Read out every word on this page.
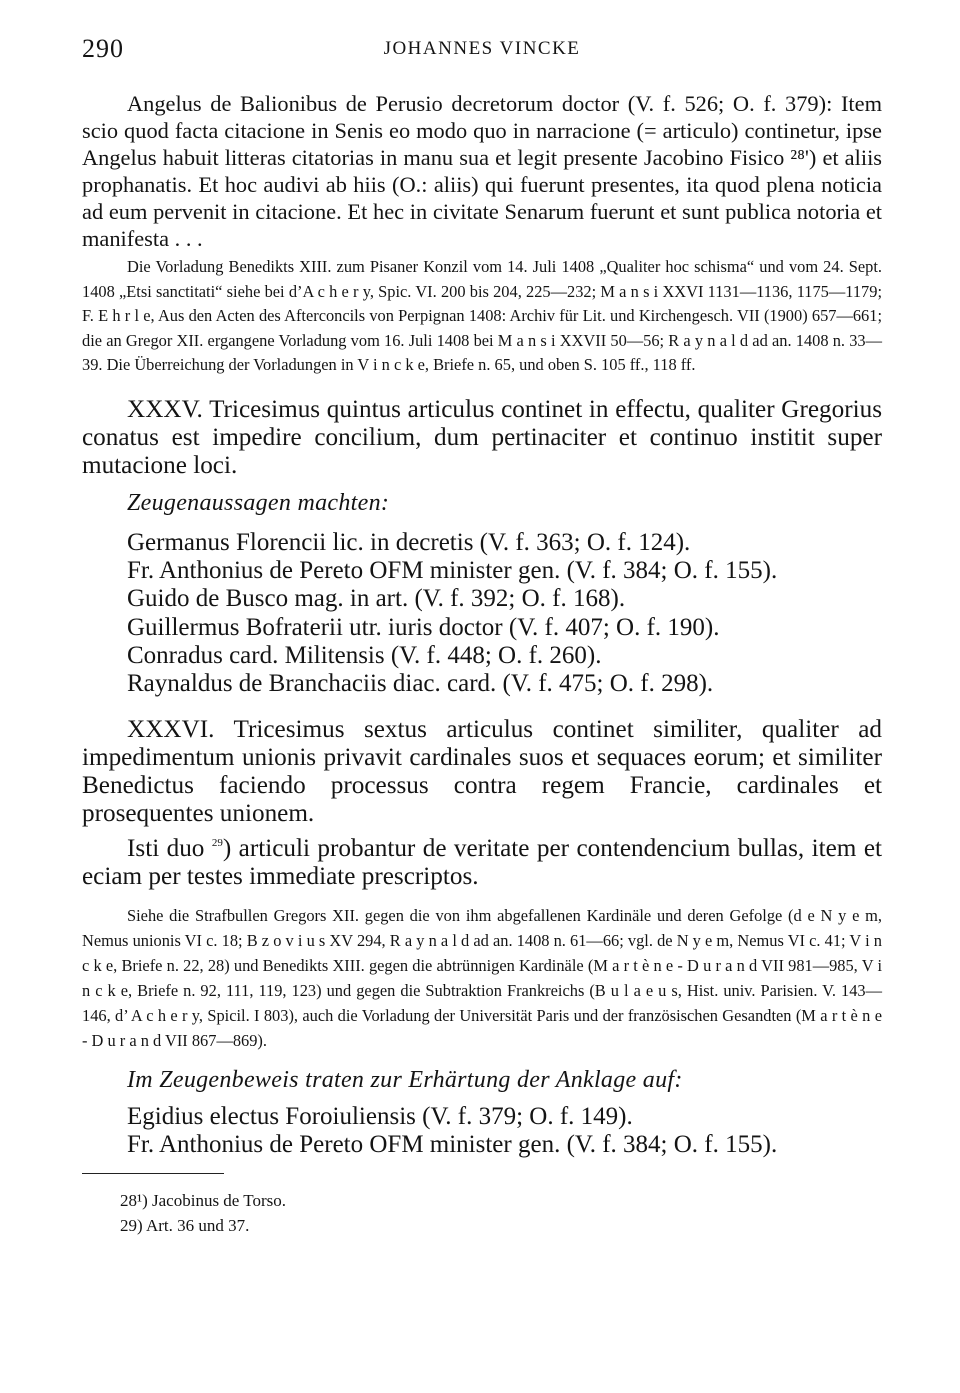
290	JOHANNES VINCKE

Angelus de Balionibus de Perusio decretorum doctor (V. f. 526; O. f. 379): Item scio quod facta citacione in Senis eo modo quo in narracione (= articulo) continetur, ipse Angelus habuit litteras citatorias in manu sua et legit presente Jacobino Fisico ²⁸') et aliis prophanatis. Et hoc audivi ab hiis (O.: aliis) qui fuerunt presentes, ita quod plena noticia ad eum pervenit in citacione. Et hec in civitate Senarum fuerunt et sunt publica notoria et manifesta . . .

Die Vorladung Benedikts XIII. zum Pisaner Konzil vom 14. Juli 1408 „Qualiter hoc schisma“ und vom 24. Sept. 1408 „Etsi sanctitati“ siehe bei d’A c h e r y, Spic. VI. 200 bis 204, 225—232; M a n s i XXVI 1131—1136, 1175—1179; F. E h r l e, Aus den Acten des Afterconcils von Perpignan 1408: Archiv für Lit. und Kirchengesch. VII (1900) 657—661; die an Gregor XII. ergangene Vorladung vom 16. Juli 1408 bei M a n s i XXVII 50—56; R a y n a l d ad an. 1408 n. 33—39. Die Überreichung der Vorladungen in V i n c k e, Briefe n. 65, und oben S. 105 ff., 118 ff.

XXXV. Tricesimus quintus articulus continet in effectu, qualiter Gregorius conatus est impedire concilium, dum pertinaciter et continuo institit super mutacione loci.

Zeugenaussagen machten:
Germanus Florencii lic. in decretis (V. f. 363; O. f. 124).
Fr. Anthonius de Pereto OFM minister gen. (V. f. 384; O. f. 155).
Guido de Busco mag. in art. (V. f. 392; O. f. 168).
Guillermus Bofraterii utr. iuris doctor (V. f. 407; O. f. 190).
Conradus card. Militensis (V. f. 448; O. f. 260).
Raynaldus de Branchaciis diac. card. (V. f. 475; O. f. 298).

XXXVI. Tricesimus sextus articulus continet similiter, qualiter ad impedimentum unionis privavit cardinales suos et sequaces eorum; et similiter Benedictus faciendo processus contra regem Francie, cardinales et prosequentes unionem.

Isti duo $^{29}$) articuli probantur de veritate per contendencium bullas, item et eciam per testes immediate prescriptos.

Siehe die Strafbullen Gregors XII. gegen die von ihm abgefallenen Kardinäle und deren Gefolge (d e N y e m, Nemus unionis VI c. 18; B z o v i u s XV 294, R a y n a l d ad an. 1408 n. 61—66; vgl. de N y e m, Nemus VI c. 41; V i n c k e, Briefe n. 22, 28) und Benedikts XIII. gegen die abtrünnigen Kardinäle (M a r t è n e - D u r a n d VII 981—985, V i n c k e, Briefe n. 92, 111, 119, 123) und gegen die Subtraktion Frankreichs (B u l a e u s, Hist. univ. Parisien. V. 143—146, d’ A c h e r y, Spicil. I 803), auch die Vorladung der Universität Paris und der französischen Gesandten (M a r t è n e - D u r a n d VII 867—869).

Im Zeugenbeweis traten zur Erhärtung der Anklage auf:
Egidius electus Foroiuliensis (V. f. 379; O. f. 149).
Fr. Anthonius de Pereto OFM minister gen. (V. f. 384; O. f. 155).
28¹) Jacobinus de Torso.
29) Art. 36 und 37.
